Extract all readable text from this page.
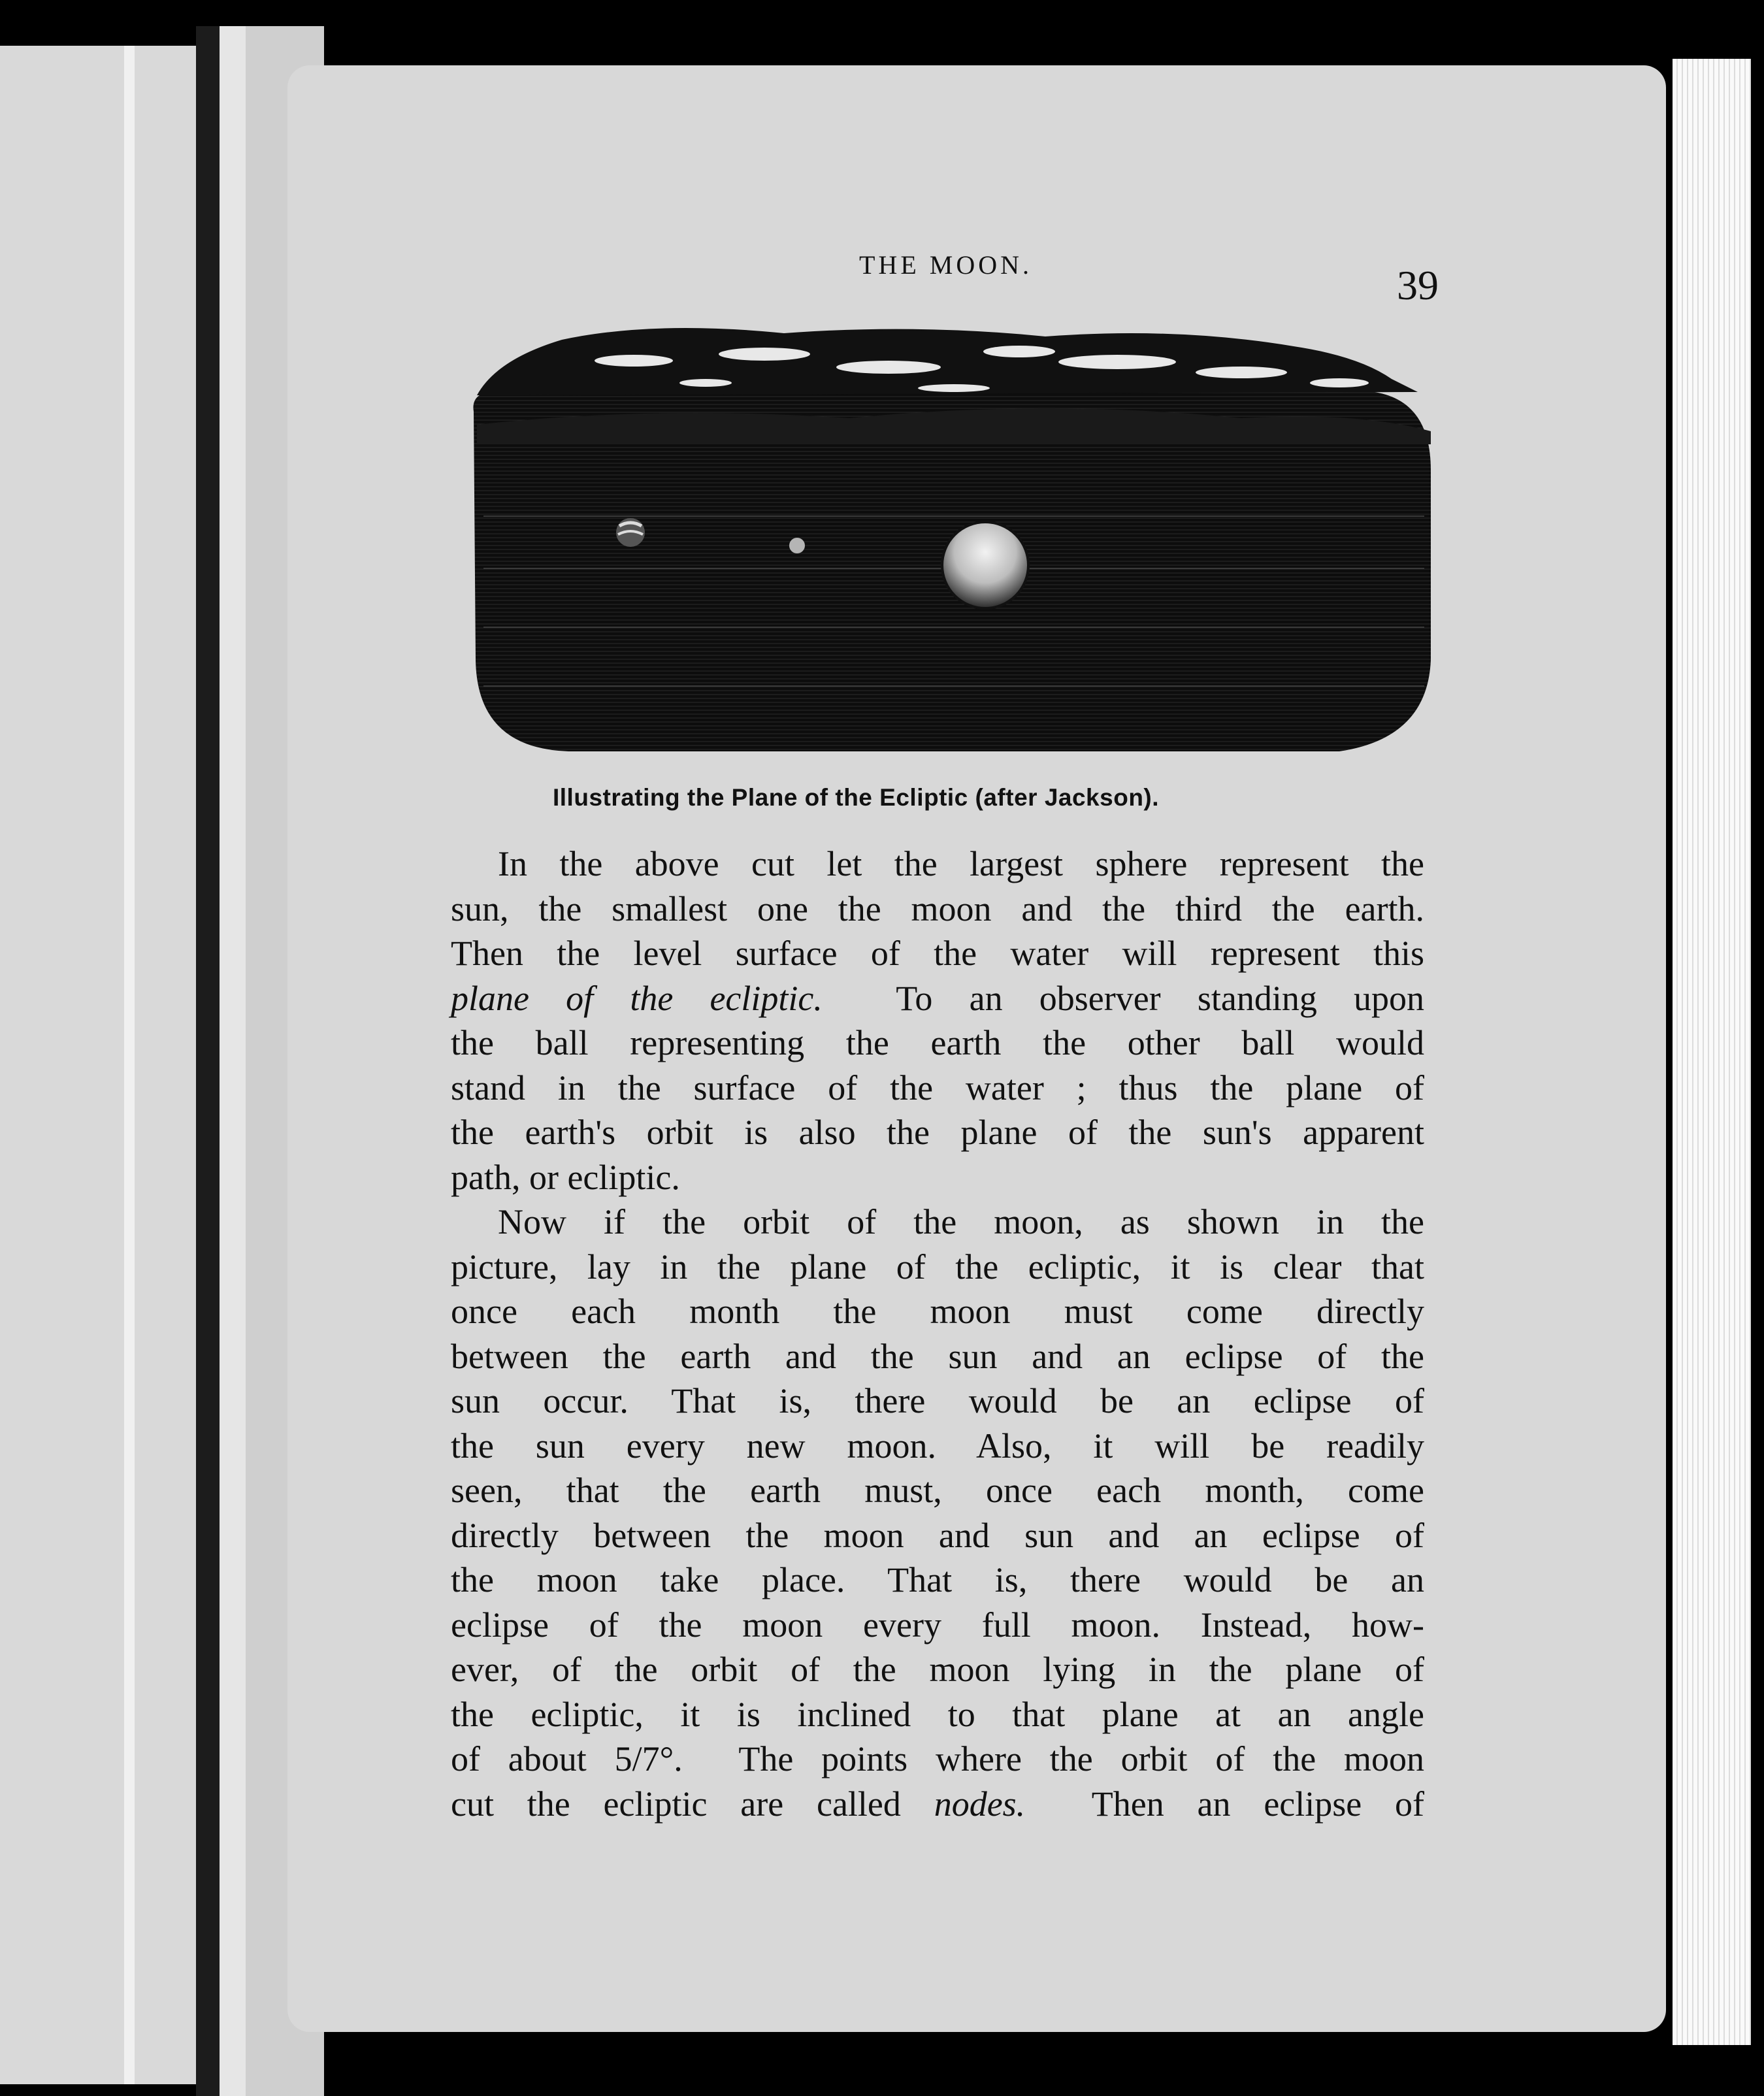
THE MOON.	39
Illustrating the Plane of the Ecliptic (after Jackson).
In the above cut let the largest sphere represent the
sun, the smallest one the moon and the third the earth.
Then the level surface of the water will represent this
plane of the ecliptic. To an observer standing upon
the ball representing the earth the other ball would
stand in the surface of the water ; thus the plane of
the earth's orbit is also the plane of the sun's apparent
path, or ecliptic.
Now if the orbit of the moon, as shown in the
picture, lay in the plane of the ecliptic, it is clear that
once each month the moon must come directly
between the earth and the sun and an eclipse of the
sun occur. That is, there would be an eclipse of
the sun every new moon. Also, it will be readily
seen, that the earth must, once each month, come
directly between the moon and sun and an eclipse of
the moon take place. That is, there would be an
eclipse of the moon every full moon. Instead, how-
ever, of the orbit of the moon lying in the plane of
the ecliptic, it is inclined to that plane at an angle
of about 5/7°. The points where the orbit of the moon
cut the ecliptic are called nodes. Then an eclipse of
